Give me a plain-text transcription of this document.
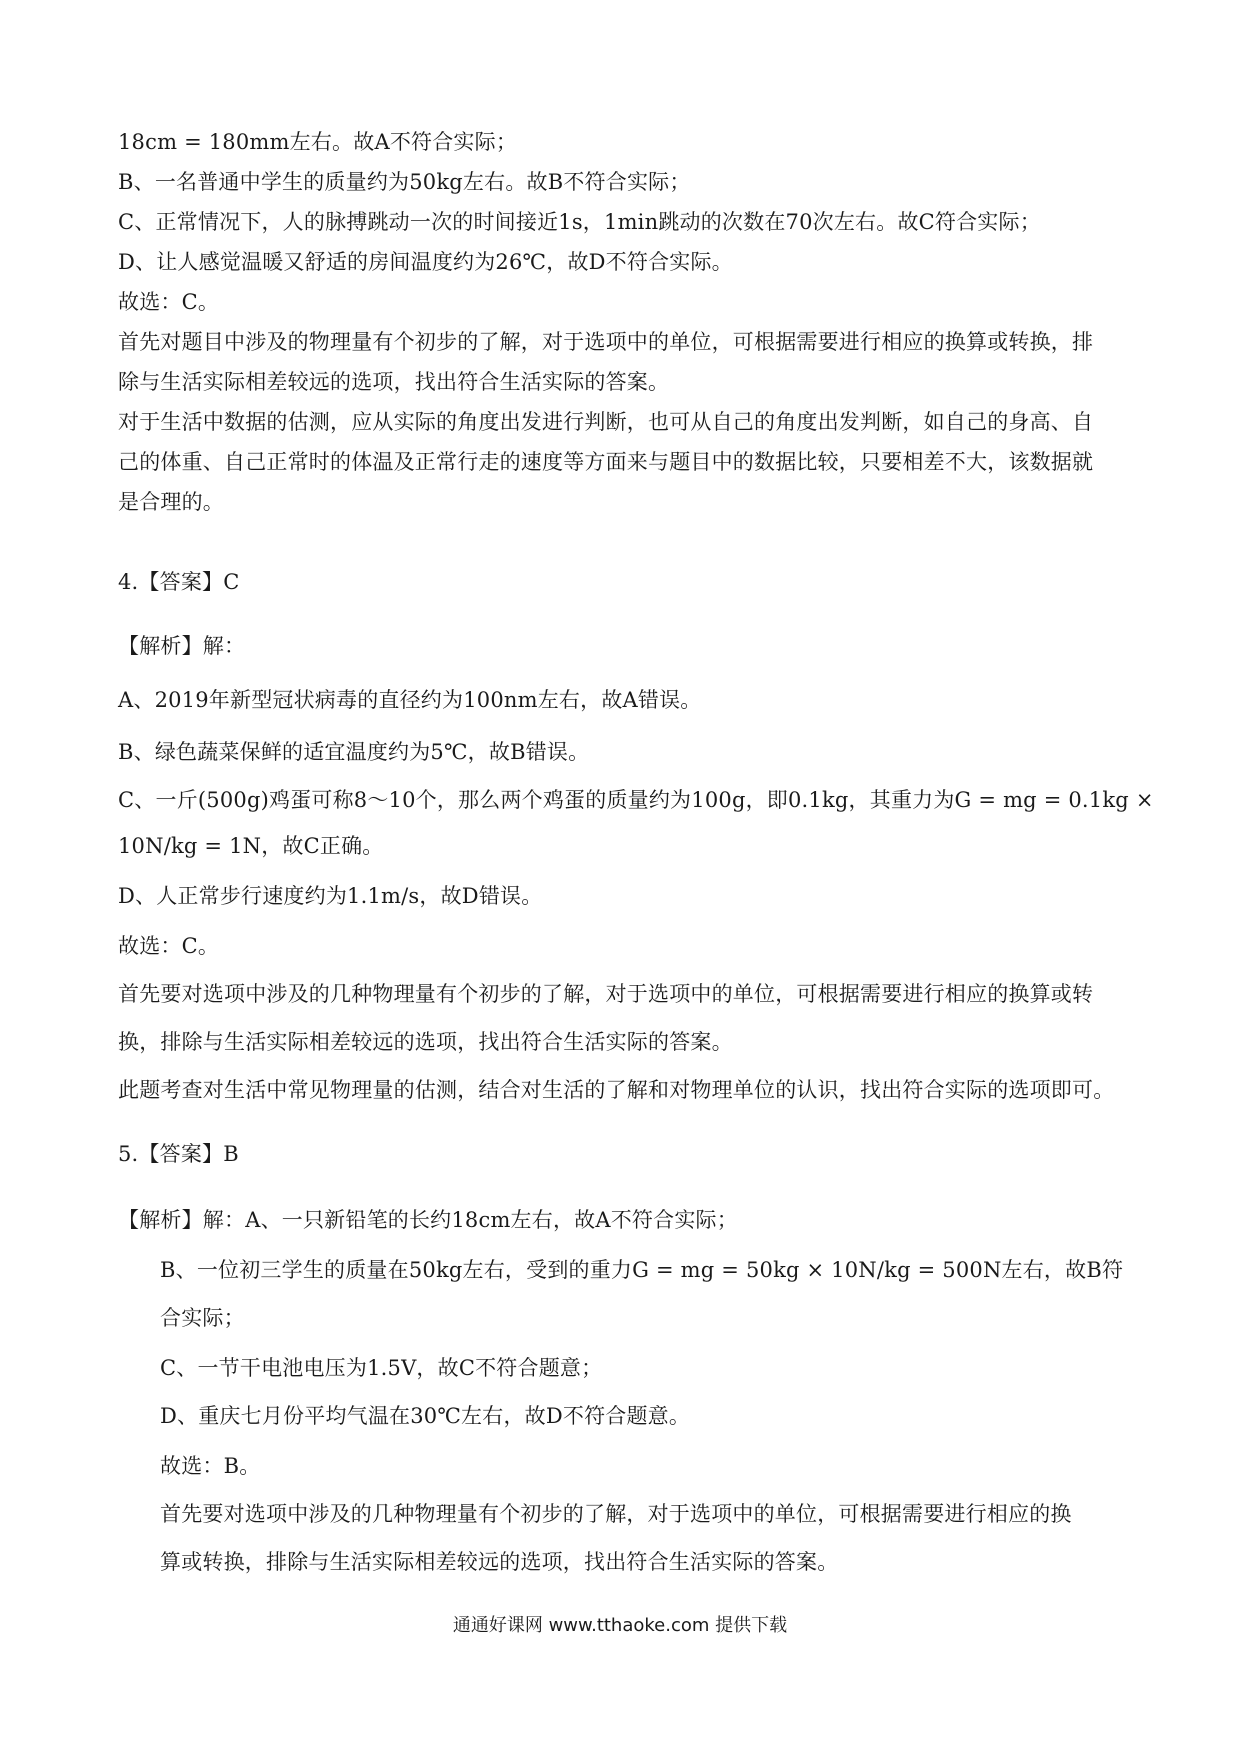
18cm = 180mm左右。故A不符合实际；
B、一名普通中学生的质量约为50kg左右。故B不符合实际；
C、正常情况下，人的脉搏跳动一次的时间接近1s，1min跳动的次数在70次左右。故C符合实际；
D、让人感觉温暖又舒适的房间温度约为26℃，故D不符合实际。
故选：C。
首先对题目中涉及的物理量有个初步的了解，对于选项中的单位，可根据需要进行相应的换算或转换，排
除与生活实际相差较远的选项，找出符合生活实际的答案。
对于生活中数据的估测，应从实际的角度出发进行判断，也可从自己的角度出发判断，如自己的身高、自
己的体重、自己正常时的体温及正常行走的速度等方面来与题目中的数据比较，只要相差不大，该数据就
是合理的。
4.【答案】C
【解析】解：
A、2019年新型冠状病毒的直径约为100nm左右，故A错误。
B、绿色蔬菜保鲜的适宜温度约为5℃，故B错误。
C、一斤(500g)鸡蛋可称8～10个，那么两个鸡蛋的质量约为100g，即0.1kg，其重力为G = mg = 0.1kg ×
10N/kg = 1N，故C正确。
D、人正常步行速度约为1.1m/s，故D错误。
故选：C。
首先要对选项中涉及的几种物理量有个初步的了解，对于选项中的单位，可根据需要进行相应的换算或转
换，排除与生活实际相差较远的选项，找出符合生活实际的答案。
此题考查对生活中常见物理量的估测，结合对生活的了解和对物理单位的认识，找出符合实际的选项即可。
5.【答案】B
【解析】解：A、一只新铅笔的长约18cm左右，故A不符合实际；
B、一位初三学生的质量在50kg左右，受到的重力G = mg = 50kg × 10N/kg = 500N左右，故B符
合实际；
C、一节干电池电压为1.5V，故C不符合题意；
D、重庆七月份平均气温在30℃左右，故D不符合题意。
故选：B。
首先要对选项中涉及的几种物理量有个初步的了解，对于选项中的单位，可根据需要进行相应的换
算或转换，排除与生活实际相差较远的选项，找出符合生活实际的答案。
通通好课网 www.tthaoke.com 提供下载
